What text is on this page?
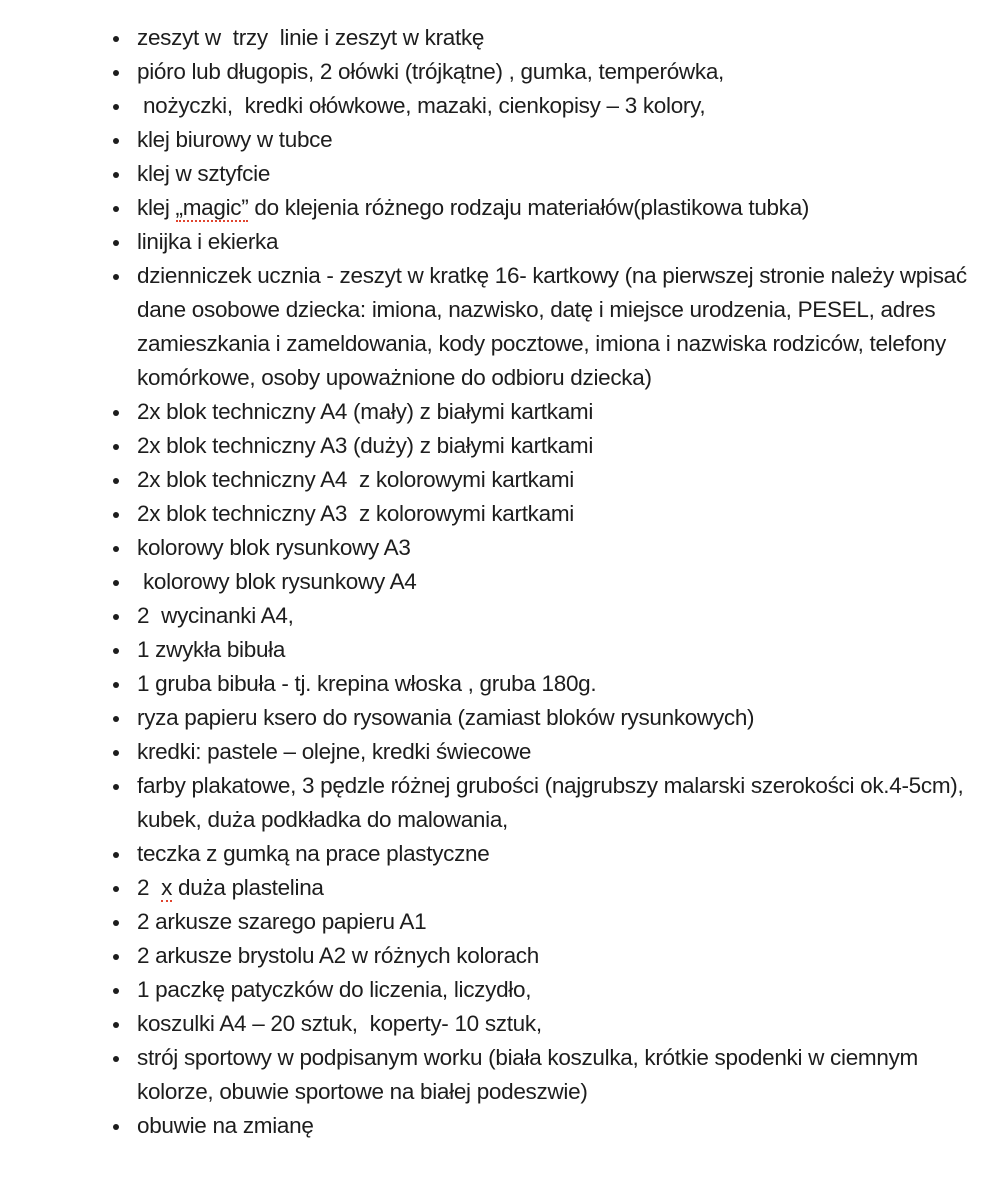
zeszyt w  trzy  linie i zeszyt w kratkę
pióro lub długopis, 2 ołówki (trójkątne) , gumka, temperówka,
nożyczki,  kredki ołówkowe, mazaki, cienkopisy – 3 kolory,
klej biurowy w tubce
klej w sztyfcie
klej „magic” do klejenia różnego rodzaju materiałów(plastikowa tubka)
linijka i ekierka
dzienniczek ucznia - zeszyt w kratkę 16- kartkowy (na pierwszej stronie należy wpisać dane osobowe dziecka: imiona, nazwisko, datę i miejsce urodzenia, PESEL, adres zamieszkania i zameldowania, kody pocztowe, imiona i nazwiska rodziców, telefony komórkowe, osoby upoważnione do odbioru dziecka)
2x blok techniczny A4 (mały) z białymi kartkami
2x blok techniczny A3 (duży) z białymi kartkami
2x blok techniczny A4  z kolorowymi kartkami
2x blok techniczny A3  z kolorowymi kartkami
kolorowy blok rysunkowy A3
kolorowy blok rysunkowy A4
2  wycinanki A4,
1 zwykła bibuła
1 gruba bibuła - tj. krepina włoska , gruba 180g.
ryza papieru ksero do rysowania (zamiast bloków rysunkowych)
kredki: pastele – olejne, kredki świecowe
farby plakatowe, 3 pędzle różnej grubości (najgrubszy malarski szerokości ok.4-5cm), kubek, duża podkładka do malowania,
teczka z gumką na prace plastyczne
2  x duża plastelina
2 arkusze szarego papieru A1
2 arkusze brystolu A2 w różnych kolorach
1 paczkę patyczków do liczenia, liczydło,
koszulki A4 – 20 sztuk,  koperty- 10 sztuk,
strój sportowy w podpisanym worku (biała koszulka, krótkie spodenki w ciemnym kolorze, obuwie sportowe na białej podeszwie)
obuwie na zmianę
